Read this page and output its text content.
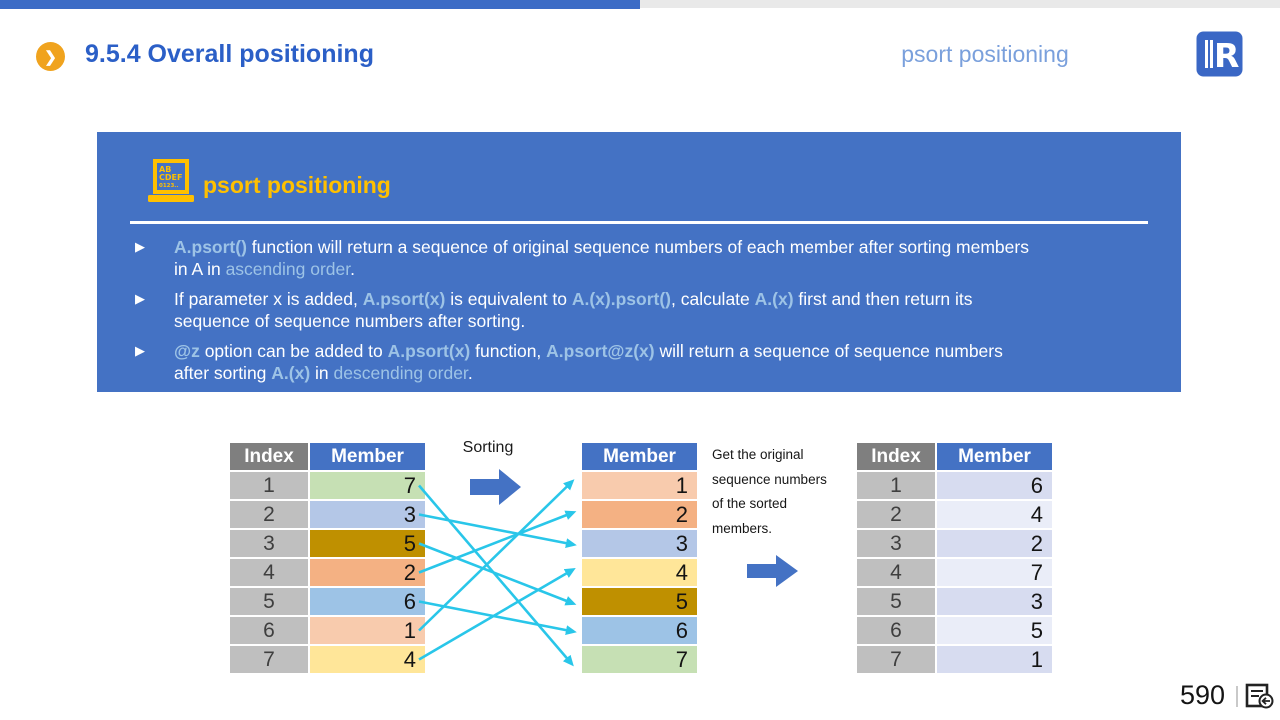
❯	9.5.4 Overall positioning	psort positioning	R
AB
CDEF
0123.. psort positioning
▶ A.psort() function will return a sequence of original sequence numbers of each member after sorting members
in A in ascending order.

▶ If parameter x is added, A.psort(x) is equivalent to A.(x).psort(), calculate A.(x) first and then return its
sequence of sequence numbers after sorting.

▶ @z option can be added to A.psort(x) function, A.psort@z(x) will return a sequence of sequence numbers
after sorting A.(x) in descending order.

Index	Member
1	7
2	3
3	5
4	2
5	6
6	1
7	4
Sorting	Member
1
2
3
4
5
6
7
Get the original sequence numbers of the sorted members.
Index	Member
1	6
2	4
3	2
4	7
5	3
6	5
7	1
590
